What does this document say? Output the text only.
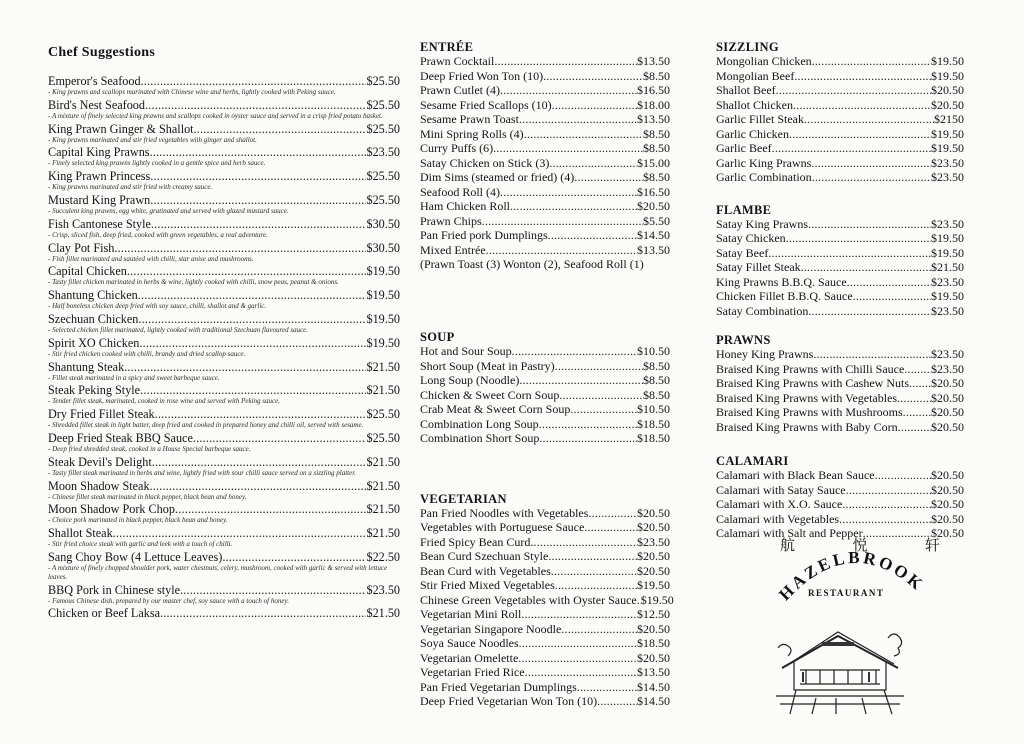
Chef Suggestions
Emperor's Seafood .....	$25.50
- King prawns and scallops marinated with Chinese wine and herbs, lightly cooked with Peking sauce.
Bird's Nest Seafood .....	$25.50
- A mixture of finely selected king prawns and scallops cooked in oyster sauce and served in a crisp fried potato basket.
King Prawn Ginger & Shallot .....	$25.50
- King prawns marinated and stir fried vegetables with ginger and shallot.
Capital King Prawns .....	$23.50
- Finely selected king prawns lightly cooked in a gentle spice and herb sauce.
King Prawn Princess .....	$25.50
- King prawns marinated and stir fried with creamy sauce.
Mustard King Prawn .....	$25.50
- Succulent king prawns, egg white, gratinated and served with glazed mustard sauce.
Fish Cantonese Style .....	$30.50
- Crisp, sliced fish, deep fried, cooked with green vegetables, a real adventure.
Clay Pot Fish .....	$30.50
- Fish fillet marinated and sautéed with chilli, star anise and mushrooms.
Capital Chicken .....	$19.50
- Tasty fillet chicken marinated in herbs & wine, lightly cooked with chilli, snow peas, peanut & onions.
Shantung Chicken .....	$19.50
- Half boneless chicken deep fried with soy sauce, chilli, shallot and & garlic.
Szechuan Chicken .....	$19.50
- Selected chicken fillet marinated, lightly cooked with traditional Szechuan flavoured sauce.
Spirit XO Chicken .....	$19.50
- Stir fried chicken cooked with chilli, brandy and dried scallop sauce.
Shantung Steak .....	$21.50
- Fillet steak marinated in a spicy and sweet barbeque sauce.
Steak Peking Style .....	$21.50
- Tender fillet steak, marinated, cooked in rose wine and served with Peking sauce.
Dry Fried Fillet Steak .....	$25.50
- Shredded fillet steak in light batter, deep fried and cooked in prepared honey and chilli oil, served with sesame.
Deep Fried Steak BBQ Sauce .....	$25.50
- Deep fried shredded steak, cooked in a House Special barbeque sauce.
Steak Devil's Delight .....	$21.50
- Tasty fillet steak marinated in herbs and wine, lightly fried with sour chilli sauce served on a sizzling platter.
Moon Shadow Steak .....	$21.50
- Chinese fillet steak marinated in black pepper, black bean and honey.
Moon Shadow Pork Chop .....	$21.50
- Choice pork marinated in black pepper, black bean and honey.
Shallot Steak .....	$21.50
- Stir fried choice steak with garlic and leek with a touch of chilli.
Sang Choy Bow (4 Lettuce Leaves) .....	$22.50
- A mixture of finely chopped shoulder pork, water chestnuts, celery, mushroom, cooked with garlic & served with lettuce leaves.
BBQ Pork in Chinese style .....	$23.50
- Famous Chinese dish, prepared by our master chef, soy sauce with a touch of honey.
Chicken or Beef Laksa .....	$21.50
ENTRÉE
Prawn Cocktail .....	$13.50
Deep Fried Won Ton (10) .....	$8.50
Prawn Cutlet (4) .....	$16.50
Sesame Fried Scallops (10) .....	$18.00
Sesame Prawn Toast .....	$13.50
Mini Spring Rolls (4) .....	$8.50
Curry Puffs (6) .....	$8.50
Satay Chicken on Stick (3) .....	$15.00
Dim Sims (steamed or fried) (4) .....	$8.50
Seafood Roll (4) .....	$16.50
Ham Chicken Roll .....	$20.50
Prawn Chips .....	$5.50
Pan Fried pork Dumplings .....	$14.50
Mixed Entrée .....	$13.50
(Prawn Toast (3) Wonton (2), Seafood Roll (1)
SOUP
Hot and Sour Soup .....	$10.50
Short Soup (Meat in Pastry) .....	$8.50
Long Soup (Noodle) .....	$8.50
Chicken & Sweet Corn Soup .....	$8.50
Crab Meat & Sweet Corn Soup .....	$10.50
Combination Long Soup .....	$18.50
Combination Short Soup .....	$18.50
VEGETARIAN
Pan Fried Noodles with Vegetables .....	$20.50
Vegetables with Portuguese Sauce .....	$20.50
Fried Spicy Bean Curd .....	$23.50
Bean Curd Szechuan Style .....	$20.50
Bean Curd with Vegetables .....	$20.50
Stir Fried Mixed Vegetables .....	$19.50
Chinese Green Vegetables with Oyster Sauce ..... $19.50
Vegetarian Mini Roll .....	$12.50
Vegetarian Singapore Noodle .....	$20.50
Soya Sauce Noodles .....	$18.50
Vegetarian Omelette .....	$20.50
Vegetarian Fried Rice .....	$13.50
Pan Fried Vegetarian Dumplings .....	$14.50
Deep Fried Vegetarian Won Ton (10) .....	$14.50
SIZZLING
Mongolian Chicken .....	$19.50
Mongolian Beef .....	$19.50
Shallot Beef .....	$20.50
Shallot Chicken .....	$20.50
Garlic Fillet Steak .....	$2150
Garlic Chicken .....	$19.50
Garlic Beef .....	$19.50
Garlic King Prawns .....	$23.50
Garlic Combination .....	$23.50
FLAMBE
Satay King Prawns .....	$23.50
Satay Chicken .....	$19.50
Satay Beef .....	$19.50
Satay Fillet Steak .....	$21.50
King Prawns B.B.Q. Sauce .....	$23.50
Chicken Fillet B.B.Q. Sauce .....	$19.50
Satay Combination .....	$23.50
PRAWNS
Honey King Prawns .....	$23.50
Braised King Prawns with Chilli Sauce ..... $23.50
Braised King Prawns with Cashew Nuts ..... $20.50
Braised King Prawns with Vegetables .....	$20.50
Braised King Prawns with Mushrooms ..... $20.50
Braised King Prawns with Baby Corn .....	$20.50
CALAMARI
Calamari with Black Bean Sauce .....	$20.50
Calamari with Satay Sauce .....	$20.50
Calamari with X.O. Sauce .....	$20.50
Calamari with Vegetables .....	$20.50
Calamari with Salt and Pepper .....	$20.50
航	悦	轩
HAZELBROOK
RESTAURANT
